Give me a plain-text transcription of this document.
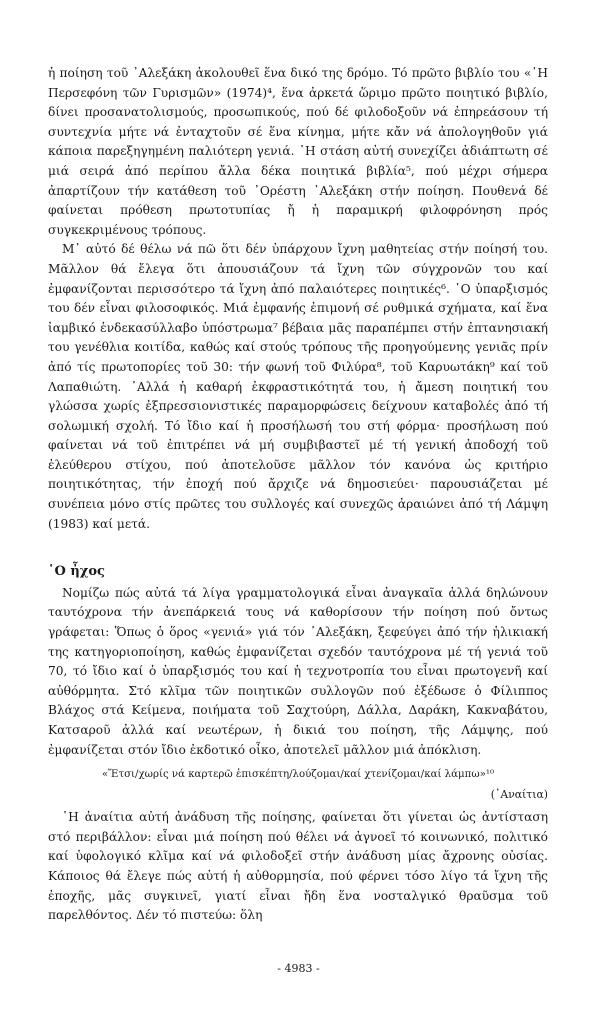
ἡ ποίηση τοῦ ᾿Αλεξάκη ἀκολουθεῖ ἕνα δικό της δρόμο. Τό πρῶτο βιβλίο του «᾿Η Περσεφόνη τῶν Γυρισμῶν» (1974)⁴, ἕνα ἀρκετά ὥριμο πρῶτο ποιητικό βιβλίο, δίνει προσανατολισμούς, προσωπικούς, πού δέ φιλοδοξοῦν νά ἐπηρεάσουν τή συντεχνία μήτε νά ἐνταχτοῦν σέ ἕνα κίνημα, μήτε κἄν νά ἀπολογηθοῦν γιά κάποια παρεξηγημένη παλιότερη γενιά. ῾Η στάση αὐτή συνεχίζει ἀδιάπτωτη σέ μιά σειρά ἀπό περίπου ἄλλα δέκα ποιητικά βιβλία⁵, πού μέχρι σήμερα ἀπαρτίζουν τήν κατάθεση τοῦ ᾿Ορέστη ᾿Αλεξάκη στήν ποίηση. Πουθενά δέ φαίνεται πρόθεση πρωτοτυπίας ἤ ἡ παραμικρή φιλοφρόνηση πρός συγκεκριμένους τρόπους.

Μ᾿ αὐτό δέ θέλω νά πῶ ὅτι δέν ὑπάρχουν ἴχνη μαθητείας στήν ποίησή του. Μᾶλλον θά ἔλεγα ὅτι ἀπουσιάζουν τά ἴχνη τῶν σύγχρονῶν του καί ἐμφανίζονται περισσότερο τά ἴχνη ἀπό παλαιότερες ποιητικές⁶. ῾Ο ὑπαρξισμός του δέν εἶναι φιλοσοφικός. Μιά ἐμφανής ἐπιμονή σέ ρυθμικά σχήματα, καί ἕνα ἰαμβικό ἑνδεκασύλλαβο ὑπόστρωμα⁷ βέβαια μᾶς παραπέμπει στήν ἐπτανησιακή του γενέθλια κοιτίδα, καθώς καί στούς τρόπους τῆς προηγούμενης γενιᾶς πρίν ἀπό τίς πρωτοπορίες τοῦ 30: τήν φωνή τοῦ Φιλύρα⁸, τοῦ Καρυωτάκη⁹ καί τοῦ Λαπαθιώτη. ᾿Αλλά ἡ καθαρή ἐκφραστικότητά του, ἡ ἄμεση ποιητική του γλώσσα χωρίς ἐξπρεσσιονιστικές παραμορφώσεις δείχνουν καταβολές ἀπό τή σολωμική σχολή. Τό ἴδιο καί ἡ προσήλωσή του στή φόρμα· προσήλωση πού φαίνεται νά τοῦ ἐπιτρέπει νά μή συμβιβαστεῖ μέ τή γενική ἀποδοχή τοῦ ἐλεύθερου στίχου, πού ἀποτελοῦσε μᾶλλον τόν κανόνα ὡς κριτήριο ποιητικότητας, τήν ἐποχή πού ἄρχιζε νά δημοσιεύει· παρουσιάζεται μέ συνέπεια μόνο στίς πρῶτες του συλλογές καί συνεχῶς ἀραιώνει ἀπό τή Λάμψη (1983) καί μετά.

῾Ο ἦχος

Νομίζω πώς αὐτά τά λίγα γραμματολογικά εἶναι ἀναγκαῖα ἀλλά δηλώνουν ταυτόχρονα τήν ἀνεπάρκειά τους νά καθορίσουν τήν ποίηση πού ὄντως γράφεται: Ὅπως ὁ ὅρος «γενιά» γιά τόν ᾿Αλεξάκη, ξεφεύγει ἀπό τήν ἡλικιακή της κατηγοριοποίηση, καθώς ἐμφανίζεται σχεδόν ταυτόχρονα μέ τή γενιά τοῦ 70, τό ἴδιο καί ὁ ὑπαρξισμός του καί ἡ τεχνοτροπία του εἶναι πρωτογενῆ καί αὐθόρμητα. Στό κλῖμα τῶν ποιητικῶν συλλογῶν πού ἐξέδωσε ὁ Φίλιππος Βλάχος στά Κείμενα, ποιήματα τοῦ Σαχτούρη, Δάλλα, Δαράκη, Κακναβάτου, Κατσαροῦ ἀλλά καί νεωτέρων, ἡ δικιά του ποίηση, τῆς Λάμψης, πού ἐμφανίζεται στόν ἴδιο ἐκδοτικό οἶκο, ἀποτελεῖ μᾶλλον μιά ἀπόκλιση.

«Ἔτσι/χωρίς νά καρτερῶ ἐπισκέπτη/λούζομαι/καί χτενίζομαι/καί λάμπω»¹⁰

(᾿Αναίτια)

῾Η ἀναίτια αὐτή ἀνάδυση τῆς ποίησης, φαίνεται ὅτι γίνεται ὡς ἀντίσταση στό περιβάλλον: εἶναι μιά ποίηση πού θέλει νά ἀγνοεῖ τό κοινωνικό, πολιτικό καί ὑφολογικό κλῖμα καί νά φιλοδοξεῖ στήν ἀνάδυση μίας ἄχρονης οὐσίας. Κάποιος θά ἔλεγε πώς αὐτή ἡ αὐθορμησία, πού φέρνει τόσο λίγο τά ἴχνη τῆς ἐποχῆς, μᾶς συγκινεῖ, γιατί εἶναι ἤδη ἕνα νοσταλγικό θραῦσμα τοῦ παρελθόντος. Δέν τό πιστεύω: ὅλη

- 4983 -
